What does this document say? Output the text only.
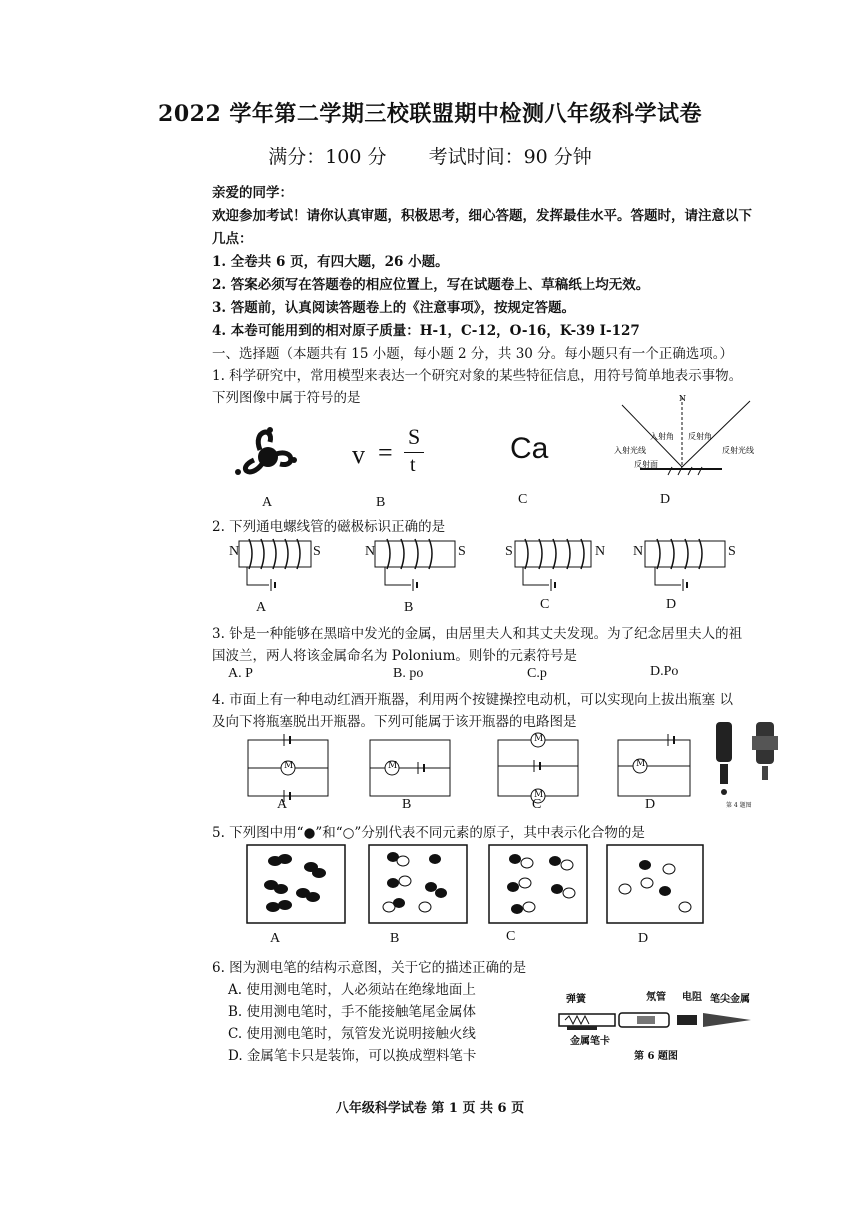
2022 学年第二学期三校联盟期中检测八年级科学试卷
满分：100 分 考试时间：90 分钟
亲爱的同学：
欢迎参加考试！请你认真审题，积极思考，细心答题，发挥最佳水平。答题时，请注意以下
几点：
1. 全卷共 6 页，有四大题，26 小题。
2. 答案必须写在答题卷的相应位置上，写在试题卷上、草稿纸上均无效。
3. 答题前，认真阅读答题卷上的《注意事项》，按规定答题。
4. 本卷可能用到的相对原子质量：H-1，C-12，O-16，K-39 I-127
一、选择题（本题共有 15 小题，每小题 2 分，共 30 分。每小题只有一个正确选项。）
1. 科学研究中，常用模型来表达一个研究对象的某些特征信息，用符号简单地表示事物。
下列图像中属于符号的是
v =
S
t	Ca
N
入射角 反射角
入射光线	反射光线
反射面
A	B	C	D
2. 下列通电螺线管的磁极标识正确的是
N	S	N	S	S	N N	S
A	B	C	D
3. 钋是一种能够在黑暗中发光的金属，由居里夫人和其丈夫发现。为了纪念居里夫人的祖
国波兰，两人将该金属命名为 Polonium。则钋的元素符号是
A. P	B. po	C.p	D.Po
4. 市面上有一种电动红酒开瓶器，利用两个按键操控电动机，可以实现向上拔出瓶塞 以
及向下将瓶塞脱出开瓶器。下列可能属于该开瓶器的电路图是
M	M
M
M
M
第 4 题图
A	B	C	D
5. 下列图中用“●”和“○”分别代表不同元素的原子，其中表示化合物的是
A	B	C	D
6. 图为测电笔的结构示意图，关于它的描述正确的是
A. 使用测电笔时，人必须站在绝缘地面上
B. 使用测电笔时，手不能接触笔尾金属体
C. 使用测电笔时，氖管发光说明接触火线
D. 金属笔卡只是装饰，可以换成塑料笔卡
弹簧	氖管 电阻 笔尖金属
金属笔卡
第 6 题图
八年级科学试卷 第 1 页 共 6 页
